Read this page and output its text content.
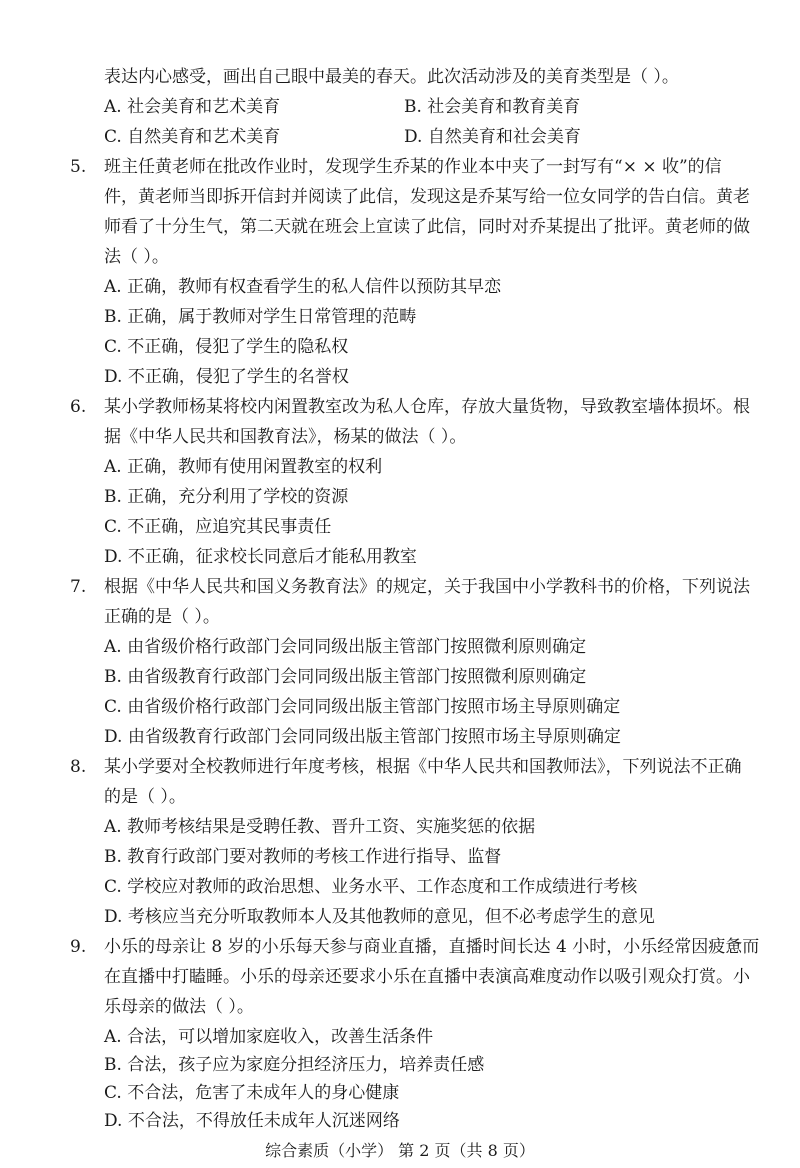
表达内心感受，画出自己眼中最美的春天。此次活动涉及的美育类型是（ ）。
A. 社会美育和艺术美育	B. 社会美育和教育美育
C. 自然美育和艺术美育	D. 自然美育和社会美育
5. 班主任黄老师在批改作业时，发现学生乔某的作业本中夹了一封写有“× × 收”的信
件，黄老师当即拆开信封并阅读了此信，发现这是乔某写给一位女同学的告白信。黄老
师看了十分生气，第二天就在班会上宣读了此信，同时对乔某提出了批评。黄老师的做
法（ ）。
A. 正确，教师有权查看学生的私人信件以预防其早恋
B. 正确，属于教师对学生日常管理的范畴
C. 不正确，侵犯了学生的隐私权
D. 不正确，侵犯了学生的名誉权
6. 某小学教师杨某将校内闲置教室改为私人仓库，存放大量货物，导致教室墙体损坏。根
据《中华人民共和国教育法》，杨某的做法（ ）。
A. 正确，教师有使用闲置教室的权利
B. 正确，充分利用了学校的资源
C. 不正确，应追究其民事责任
D. 不正确，征求校长同意后才能私用教室
7. 根据《中华人民共和国义务教育法》的规定，关于我国中小学教科书的价格，下列说法
正确的是（ ）。
A. 由省级价格行政部门会同同级出版主管部门按照微利原则确定
B. 由省级教育行政部门会同同级出版主管部门按照微利原则确定
C. 由省级价格行政部门会同同级出版主管部门按照市场主导原则确定
D. 由省级教育行政部门会同同级出版主管部门按照市场主导原则确定
8. 某小学要对全校教师进行年度考核，根据《中华人民共和国教师法》，下列说法不正确
的是（ ）。
A. 教师考核结果是受聘任教、晋升工资、实施奖惩的依据
B. 教育行政部门要对教师的考核工作进行指导、监督
C. 学校应对教师的政治思想、业务水平、工作态度和工作成绩进行考核
D. 考核应当充分听取教师本人及其他教师的意见，但不必考虑学生的意见
9. 小乐的母亲让 8 岁的小乐每天参与商业直播，直播时间长达 4 小时，小乐经常因疲惫而
在直播中打瞌睡。小乐的母亲还要求小乐在直播中表演高难度动作以吸引观众打赏。小
乐母亲的做法（ ）。
A. 合法，可以增加家庭收入，改善生活条件
B. 合法，孩子应为家庭分担经济压力，培养责任感
C. 不合法，危害了未成年人的身心健康
D. 不合法，不得放任未成年人沉迷网络
综合素质（小学） 第 2 页（共 8 页）
